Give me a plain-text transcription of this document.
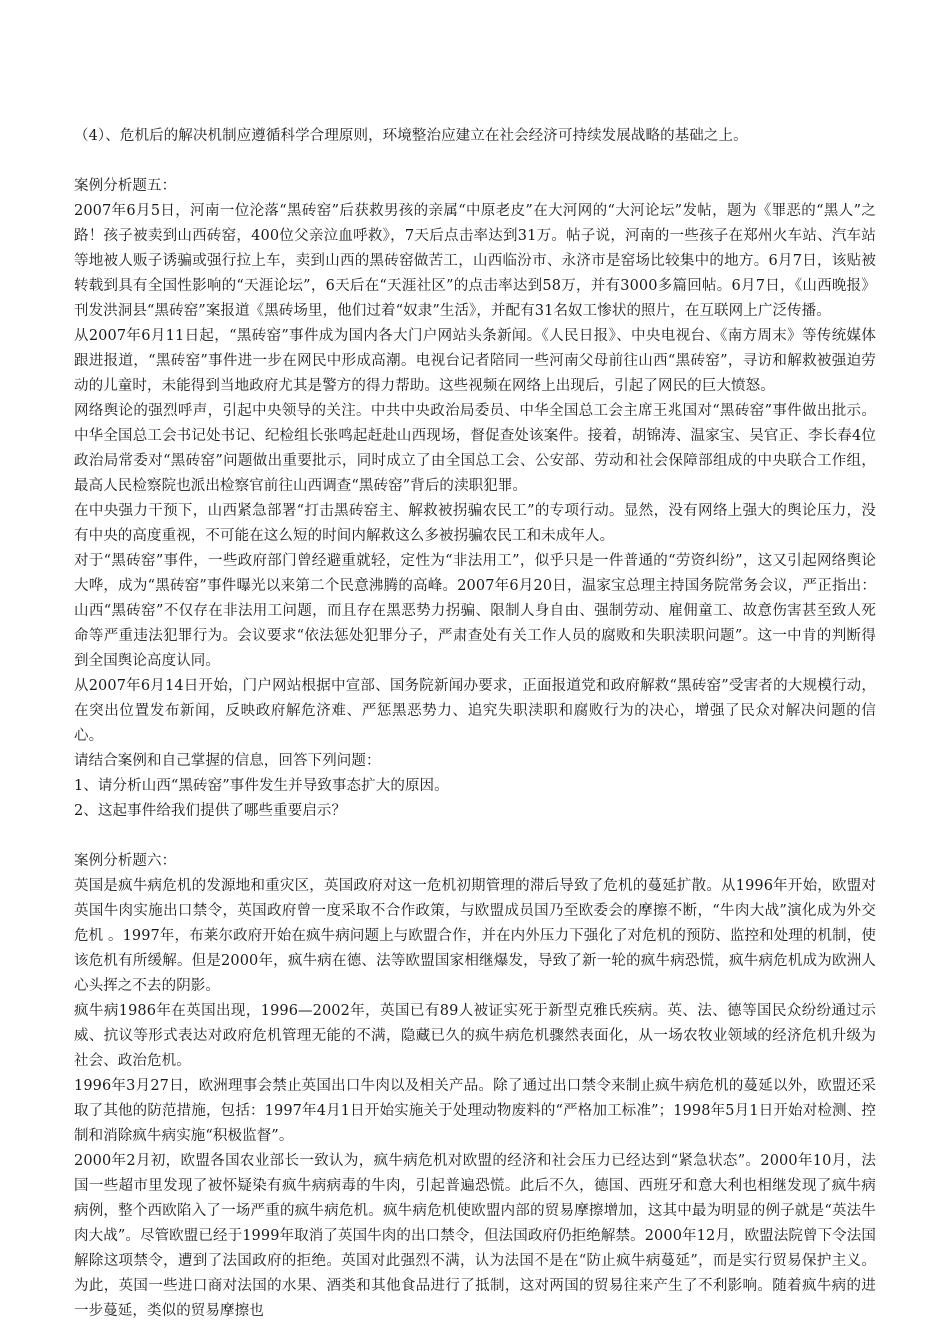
（4）、危机后的解决机制应遵循科学合理原则，环境整治应建立在社会经济可持续发展战略的基础之上。

案例分析题五：

2007年6月5日，河南一位沦落“黑砖窑”后获救男孩的亲属“中原老皮”在大河网的“大河论坛”发帖，题为《罪恶的“黑人”之路！孩子被卖到山西砖窑，400位父亲泣血呼救》，7天后点击率达到31万。帖子说，河南的一些孩子在郑州火车站、汽车站等地被人贩子诱骗或强行拉上车，卖到山西的黑砖窑做苦工，山西临汾市、永济市是窑场比较集中的地方。6月7日，该贴被转载到具有全国性影响的“天涯论坛”，6天后在“天涯社区”的点击率达到58万，并有3000多篇回帖。6月7日，《山西晚报》刊发洪洞县“黑砖窑”案报道《黑砖场里，他们过着“奴隶”生活》，并配有31名奴工惨状的照片，在互联网上广泛传播。

从2007年6月11日起，“黑砖窑”事件成为国内各大门户网站头条新闻。《人民日报》、中央电视台、《南方周末》等传统媒体跟进报道，“黑砖窑”事件进一步在网民中形成高潮。电视台记者陪同一些河南父母前往山西“黑砖窑”，寻访和解救被强迫劳动的儿童时，未能得到当地政府尤其是警方的得力帮助。这些视频在网络上出现后，引起了网民的巨大愤怒。

网络舆论的强烈呼声，引起中央领导的关注。中共中央政治局委员、中华全国总工会主席王兆国对“黑砖窑”事件做出批示。中华全国总工会书记处书记、纪检组长张鸣起赶赴山西现场，督促查处该案件。接着，胡锦涛、温家宝、吴官正、李长春4位政治局常委对“黑砖窑”问题做出重要批示，同时成立了由全国总工会、公安部、劳动和社会保障部组成的中央联合工作组，最高人民检察院也派出检察官前往山西调查“黑砖窑”背后的渎职犯罪。

在中央强力干预下，山西紧急部署“打击黑砖窑主、解救被拐骗农民工”的专项行动。显然，没有网络上强大的舆论压力，没有中央的高度重视，不可能在这么短的时间内解救这么多被拐骗农民工和未成年人。

对于“黑砖窑”事件，一些政府部门曾经避重就轻，定性为“非法用工”，似乎只是一件普通的“劳资纠纷”，这又引起网络舆论大哗，成为“黑砖窑”事件曝光以来第二个民意沸腾的高峰。2007年6月20日，温家宝总理主持国务院常务会议，严正指出：山西“黑砖窑”不仅存在非法用工问题，而且存在黑恶势力拐骗、限制人身自由、强制劳动、雇佣童工、故意伤害甚至致人死命等严重违法犯罪行为。会议要求“依法惩处犯罪分子，严肃查处有关工作人员的腐败和失职渎职问题”。这一中肯的判断得到全国舆论高度认同。

从2007年6月14日开始，门户网站根据中宣部、国务院新闻办要求，正面报道党和政府解救“黑砖窑”受害者的大规模行动，在突出位置发布新闻，反映政府解危济难、严惩黑恶势力、追究失职渎职和腐败行为的决心，增强了民众对解决问题的信心。

请结合案例和自己掌握的信息，回答下列问题：

1、请分析山西“黑砖窑”事件发生并导致事态扩大的原因。

2、这起事件给我们提供了哪些重要启示？

案例分析题六：

英国是疯牛病危机的发源地和重灾区，英国政府对这一危机初期管理的滞后导致了危机的蔓延扩散。从1996年开始，欧盟对英国牛肉实施出口禁令，英国政府曾一度采取不合作政策，与欧盟成员国乃至欧委会的摩擦不断，“牛肉大战”演化成为外交危机 。1997年，布莱尔政府开始在疯牛病问题上与欧盟合作，并在内外压力下强化了对危机的预防、监控和处理的机制，使该危机有所缓解。但是2000年，疯牛病在德、法等欧盟国家相继爆发，导致了新一轮的疯牛病恐慌，疯牛病危机成为欧洲人心头挥之不去的阴影。

疯牛病1986年在英国出现，1996—2002年，英国已有89人被证实死于新型克雅氏疾病。英、法、德等国民众纷纷通过示威、抗议等形式表达对政府危机管理无能的不满，隐藏已久的疯牛病危机骤然表面化，从一场农牧业领域的经济危机升级为社会、政治危机。

1996年3月27日，欧洲理事会禁止英国出口牛肉以及相关产品。除了通过出口禁令来制止疯牛病危机的蔓延以外，欧盟还采取了其他的防范措施，包括：1997年4月1日开始实施关于处理动物废料的“严格加工标准”；1998年5月1日开始对检测、控制和消除疯牛病实施“积极监督”。

2000年2月初，欧盟各国农业部长一致认为，疯牛病危机对欧盟的经济和社会压力已经达到“紧急状态”。2000年10月，法国一些超市里发现了被怀疑染有疯牛病病毒的牛肉，引起普遍恐慌。此后不久，德国、西班牙和意大利也相继发现了疯牛病病例，整个西欧陷入了一场严重的疯牛病危机。疯牛病危机使欧盟内部的贸易摩擦增加，这其中最为明显的例子就是“英法牛肉大战”。尽管欧盟已经于1999年取消了英国牛肉的出口禁令，但法国政府仍拒绝解禁。2000年12月，欧盟法院曾下令法国解除这项禁令，遭到了法国政府的拒绝。英国对此强烈不满，认为法国不是在“防止疯牛病蔓延”，而是实行贸易保护主义。为此，英国一些进口商对法国的水果、酒类和其他食品进行了抵制，这对两国的贸易往来产生了不利影响。随着疯牛病的进一步蔓延，类似的贸易摩擦也
